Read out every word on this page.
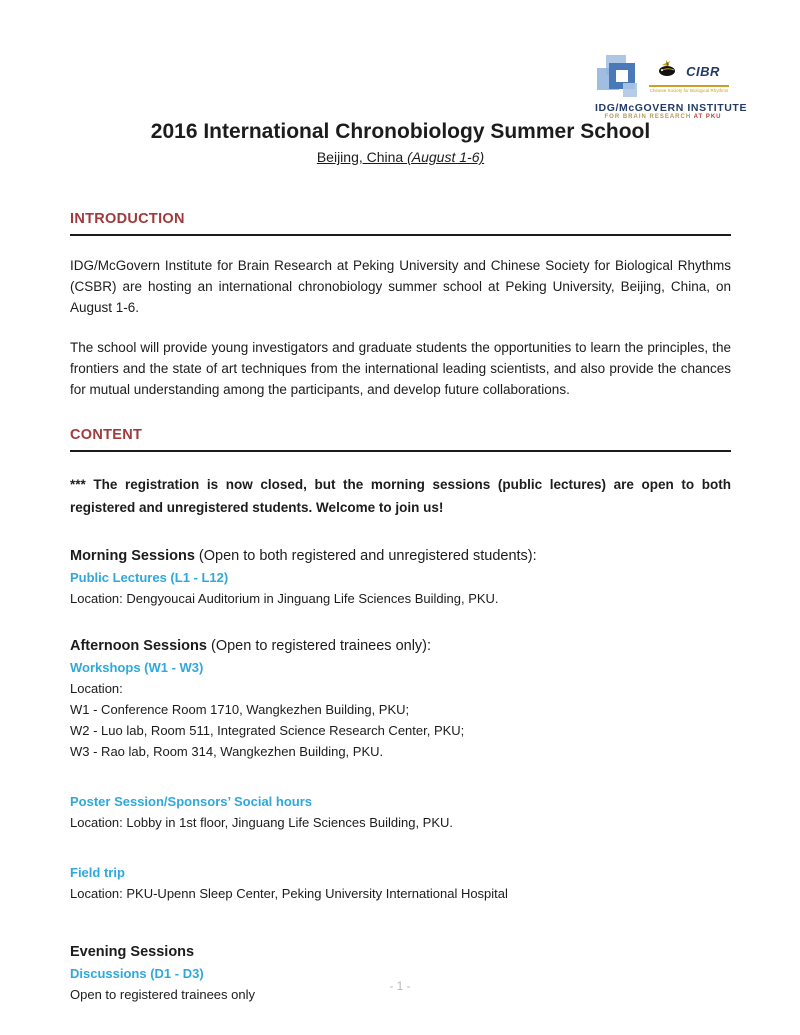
CIBR
Chinese Society for Biological Rhythms
IDG/McGOVERN INSTITUTE
FOR BRAIN RESEARCH AT PKU
2016 International Chronobiology Summer School
Beijing, China (August 1-6)
INTRODUCTION
IDG/McGovern Institute for Brain Research at Peking University and Chinese Society for Biological Rhythms (CSBR) are hosting an international chronobiology summer school at Peking University, Beijing, China, on August 1-6.
The school will provide young investigators and graduate students the opportunities to learn the principles, the frontiers and the state of art techniques from the international leading scientists, and also provide the chances for mutual understanding among the participants, and develop future collaborations.
CONTENT
*** The registration is now closed, but the morning sessions (public lectures) are open to both registered and unregistered students. Welcome to join us!
Morning Sessions (Open to both registered and unregistered students):
Public Lectures (L1 - L12)
Location: Dengyoucai Auditorium in Jinguang Life Sciences Building, PKU.
Afternoon Sessions (Open to registered trainees only):
Workshops (W1 - W3)
Location:
W1 - Conference Room 1710, Wangkezhen Building, PKU;
W2 - Luo lab, Room 511, Integrated Science Research Center, PKU;
W3 - Rao lab, Room 314, Wangkezhen Building, PKU.
Poster Session/Sponsors’ Social hours
Location: Lobby in 1st floor, Jinguang Life Sciences Building, PKU.
Field trip
Location: PKU-Upenn Sleep Center, Peking University International Hospital
Evening Sessions
Discussions (D1 - D3)
Open to registered trainees only
- 1 -
